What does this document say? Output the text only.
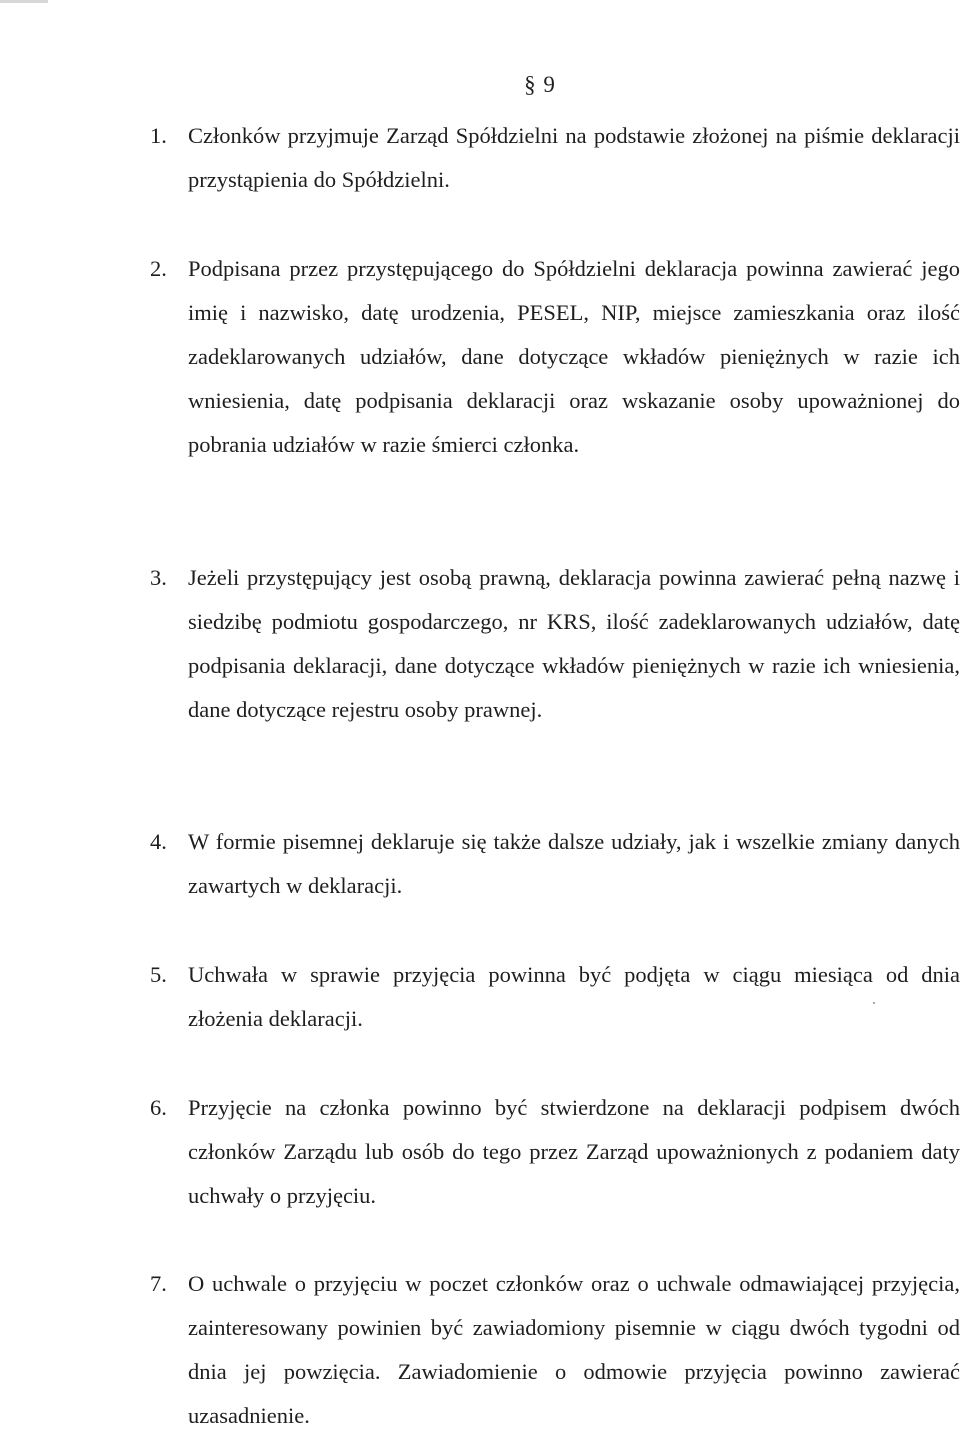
§ 9
1. Członków przyjmuje Zarząd Spółdzielni na podstawie złożonej na piśmie deklaracji przystąpienia do Spółdzielni.
2. Podpisana przez przystępującego do Spółdzielni deklaracja powinna zawierać jego imię i nazwisko, datę urodzenia, PESEL, NIP, miejsce zamieszkania oraz ilość zadeklarowanych udziałów, dane dotyczące wkładów pieniężnych w razie ich wniesienia, datę podpisania deklaracji oraz wskazanie osoby upoważnionej do pobrania udziałów w razie śmierci członka.
3. Jeżeli przystępujący jest osobą prawną, deklaracja powinna zawierać pełną nazwę i siedzibę podmiotu gospodarczego, nr KRS, ilość zadeklarowanych udziałów, datę podpisania deklaracji, dane dotyczące wkładów pieniężnych w razie ich wniesienia, dane dotyczące rejestru osoby prawnej.
4. W formie pisemnej deklaruje się także dalsze udziały, jak i wszelkie zmiany danych zawartych w deklaracji.
5. Uchwała w sprawie przyjęcia powinna być podjęta w ciągu miesiąca od dnia złożenia deklaracji.
6. Przyjęcie na członka powinno być stwierdzone na deklaracji podpisem dwóch członków Zarządu lub osób do tego przez Zarząd upoważnionych z podaniem daty uchwały o przyjęciu.
7. O uchwale o przyjęciu w poczet członków oraz o uchwale odmawiającej przyjęcia, zainteresowany powinien być zawiadomiony pisemnie w ciągu dwóch tygodni od dnia jej powzięcia. Zawiadomienie o odmowie przyjęcia powinno zawierać uzasadnienie.
